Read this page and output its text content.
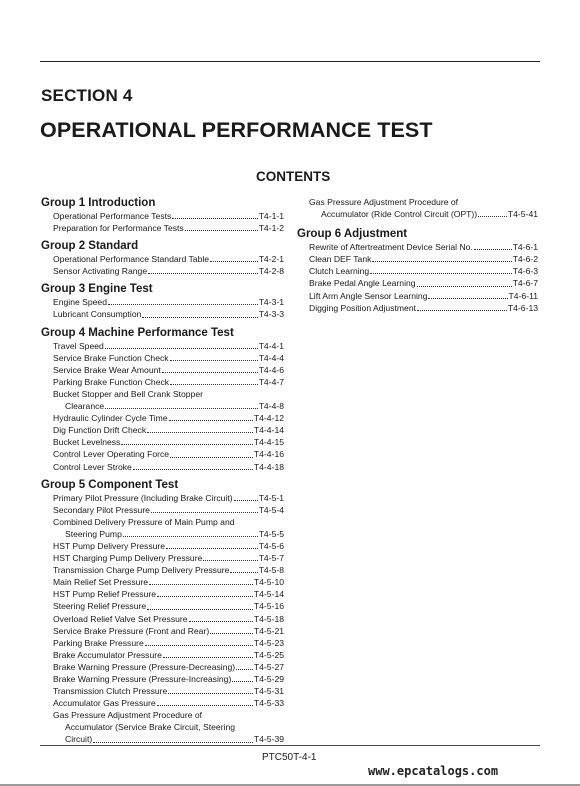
SECTION 4
OPERATIONAL PERFORMANCE TEST
CONTENTS
Group 1 Introduction
Operational Performance Tests	T4-1-1
Preparation for Performance Tests	T4-1-2
Group 2 Standard
Operational Performance Standard Table	T4-2-1
Sensor Activating Range	T4-2-8
Group 3 Engine Test
Engine Speed	T4-3-1
Lubricant Consumption	T4-3-3
Group 4 Machine Performance Test
Travel Speed	T4-4-1
Service Brake Function Check	T4-4-4
Service Brake Wear Amount	T4-4-6
Parking Brake Function Check	T4-4-7
Bucket Stopper and Bell Crank Stopper
Clearance	T4-4-8
Hydraulic Cylinder Cycle Time	T4-4-12
Dig Function Drift Check	T4-4-14
Bucket Levelness	T4-4-15
Control Lever Operating Force	T4-4-16
Control Lever Stroke	T4-4-18
Group 5 Component Test
Primary Pilot Pressure (Including Brake Circuit)	T4-5-1
Secondary Pilot Pressure	T4-5-4
Combined Delivery Pressure of Main Pump and
Steering Pump	T4-5-5
HST Pump Delivery Pressure	T4-5-6
HST Charging Pump Delivery Pressure	T4-5-7
Transmission Charge Pump Delivery Pressure	T4-5-8
Main Relief Set Pressure	T4-5-10
HST Pump Relief Pressure	T4-5-14
Steering Relief Pressure	T4-5-16
Overload Relief Valve Set Pressure	T4-5-18
Service Brake Pressure (Front and Rear)	T4-5-21
Parking Brake Pressure	T4-5-23
Brake Accumulator Pressure	T4-5-25
Brake Warning Pressure (Pressure-Decreasing) T4-5-27
Brake Warning Pressure (Pressure-Increasing)	T4-5-29
Transmission Clutch Pressure	T4-5-31
Accumulator Gas Pressure	T4-5-33
Gas Pressure Adjustment Procedure of
Accumulator (Service Brake Circuit, Steering
Circuit)	T4-5-39
Gas Pressure Adjustment Procedure of
Accumulator (Ride Control Circuit (OPT))	T4-5-41
Group 6 Adjustment
Rewrite of Aftertreatment Device Serial No.	T4-6-1
Clean DEF Tank	T4-6-2
Clutch Learning	T4-6-3
Brake Pedal Angle Learning	T4-6-7
Lift Arm Angle Sensor Learning	T4-6-11
Digging Position Adjustment	T4-6-13
PTC50T-4-1
www.epcatalogs.com
